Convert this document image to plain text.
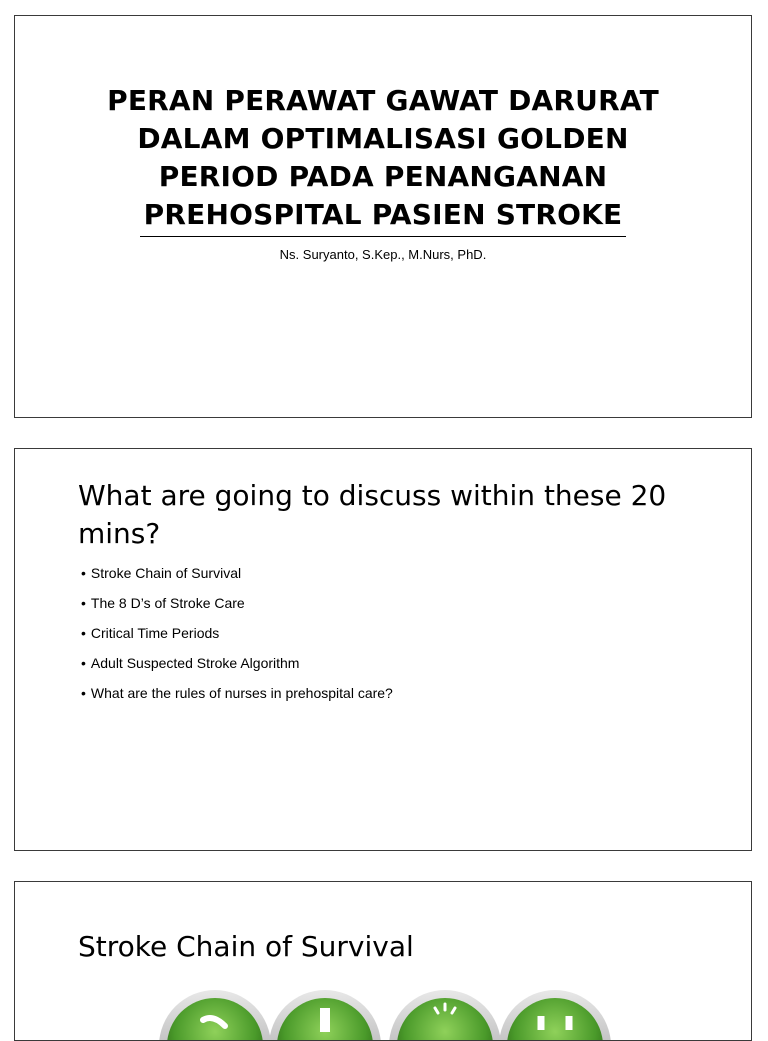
PERAN PERAWAT GAWAT DARURAT
DALAM OPTIMALISASI GOLDEN
PERIOD PADA PENANGANAN
PREHOSPITAL PASIEN STROKE
Ns. Suryanto, S.Kep., M.Nurs, PhD.
What are going to discuss within these 20 mins?
• Stroke Chain of Survival
• The 8 D’s of Stroke Care
• Critical Time Periods
• Adult Suspected Stroke Algorithm
• What are the rules of nurses in prehospital care?
Stroke Chain of Survival
